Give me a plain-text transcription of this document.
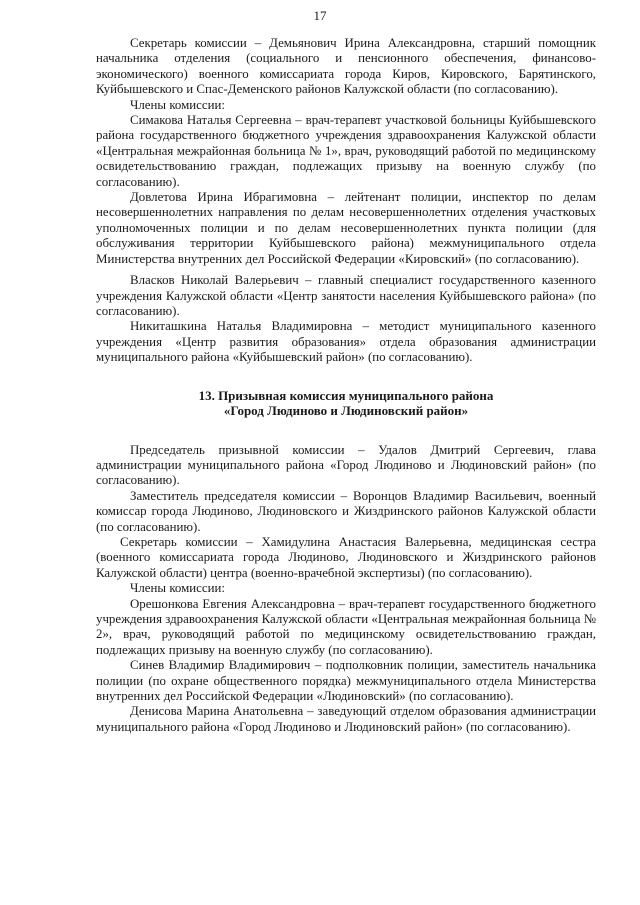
17

Секретарь комиссии – Демьянович Ирина Александровна, старший помощник начальника отделения (социального и пенсионного обеспечения, финансово-экономического) военного комиссариата города Киров, Кировского, Барятинского, Куйбышевского и Спас-Деменского районов Калужской области (по согласованию).

Члены комиссии:

Симакова Наталья Сергеевна – врач-терапевт участковой больницы Куйбышевского района государственного бюджетного учреждения здравоохранения Калужской области «Центральная межрайонная больница № 1», врач, руководящий работой по медицинскому освидетельствованию граждан, подлежащих призыву на военную службу (по согласованию).

Довлетова Ирина Ибрагимовна – лейтенант полиции, инспектор по делам несовершеннолетних направления по делам несовершеннолетних отделения участковых уполномоченных полиции и по делам несовершеннолетних пункта полиции (для обслуживания территории Куйбышевского района) межмуниципального отдела Министерства внутренних дел Российской Федерации «Кировский» (по согласованию).

Власков Николай Валерьевич – главный специалист государственного казенного учреждения Калужской области «Центр занятости населения Куйбышевского района» (по согласованию).

Никиташкина Наталья Владимировна – методист муниципального казенного учреждения «Центр развития образования» отдела образования администрации муниципального района «Куйбышевский район» (по согласованию).

13. Призывная комиссия муниципального района
«Город Людиново и Людиновский район»

Председатель призывной комиссии – Удалов Дмитрий Сергеевич, глава администрации муниципального района «Город Людиново и Людиновский район» (по согласованию).

Заместитель председателя комиссии – Воронцов Владимир Васильевич, военный комиссар города Людиново, Людиновского и Жиздринского районов Калужской области (по согласованию).

Секретарь комиссии – Хамидулина Анастасия Валерьевна, медицинская сестра (военного комиссариата города Людиново, Людиновского и Жиздринского районов Калужской области) центра (военно-врачебной экспертизы) (по согласованию).

Члены комиссии:

Орешонкова Евгения Александровна – врач-терапевт государственного бюджетного учреждения здравоохранения Калужской области «Центральная межрайонная больница № 2», врач, руководящий работой по медицинскому освидетельствованию граждан, подлежащих призыву на военную службу (по согласованию).

Синев Владимир Владимирович – подполковник полиции, заместитель начальника полиции (по охране общественного порядка) межмуниципального отдела Министерства внутренних дел Российской Федерации «Людиновский» (по согласованию).

Денисова Марина Анатольевна – заведующий отделом образования администрации муниципального района «Город Людиново и Людиновский район» (по согласованию).
